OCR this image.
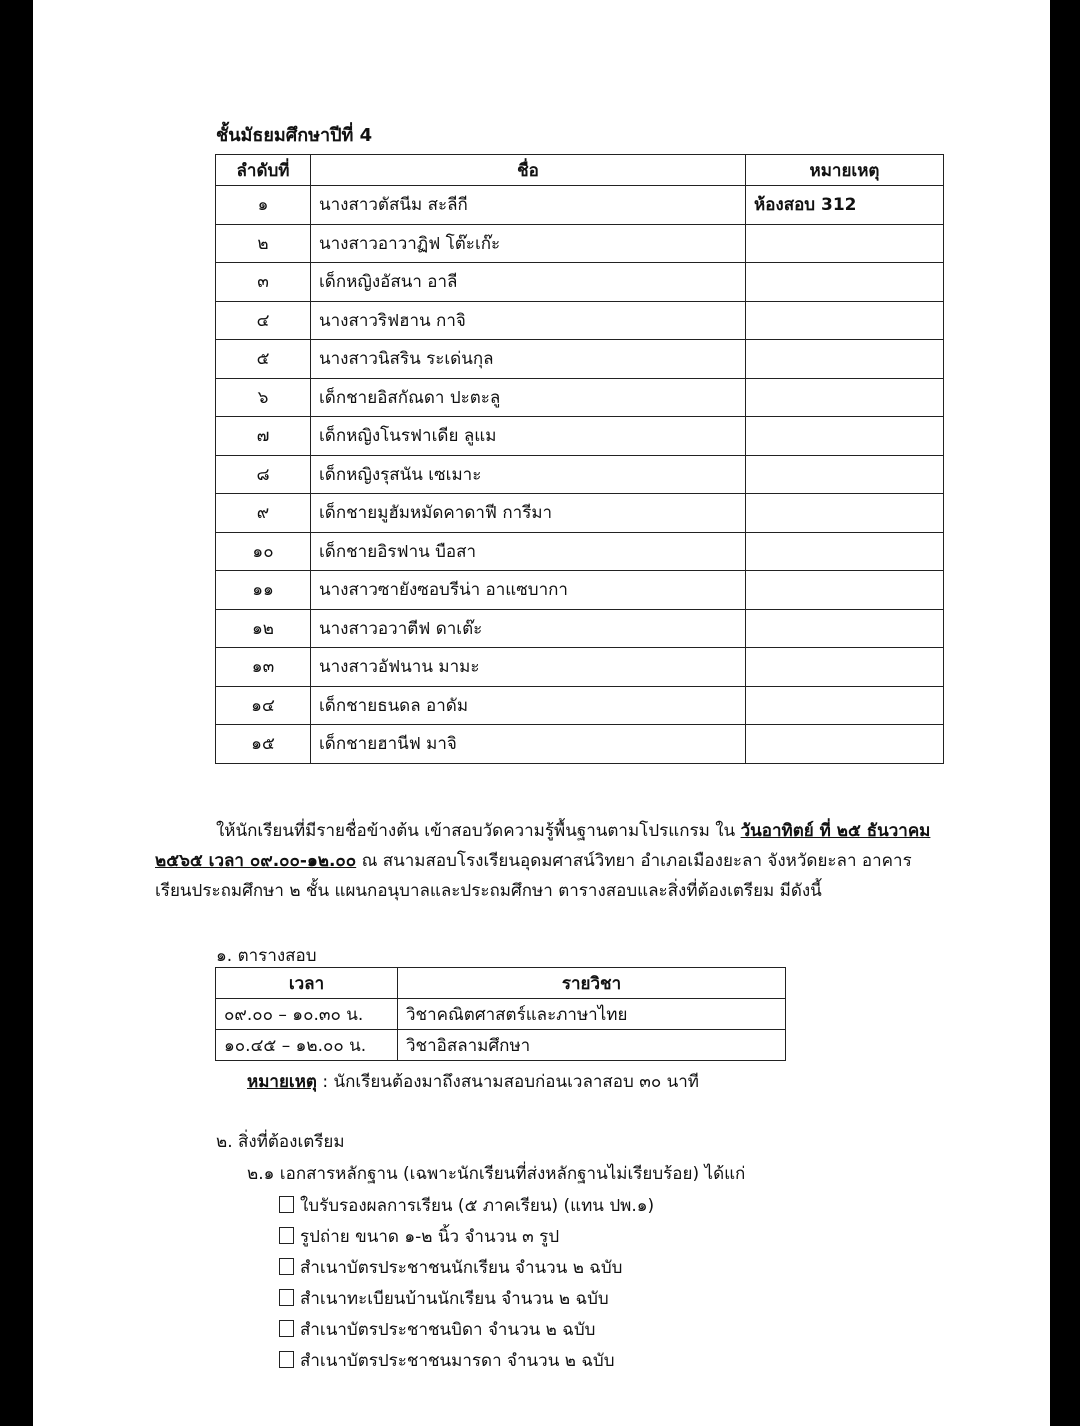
ชั้นมัธยมศึกษาปีที่ 4
ลำดับที่	ชื่อ	หมายเหตุ
๑	นางสาวตัสนีม สะลีกี	ห้องสอบ 312
๒	นางสาวอาวาฏิฟ โต๊ะเก๊ะ	
๓	เด็กหญิงอัสนา อาลี	
๔	นางสาวริฟฮาน กาจิ	
๕	นางสาวนิสริน ระเด่นกุล	
๖	เด็กชายอิสกัณดา ปะตะลู	
๗	เด็กหญิงโนรฟาเดีย ลูแม	
๘	เด็กหญิงรุสนัน เซเมาะ	
๙	เด็กชายมูฮัมหมัดคาดาฟี การีมา	
๑๐	เด็กชายอิรฟาน บือสา	
๑๑	นางสาวซายังซอบรีน่า อาแซบากา	
๑๒	นางสาวอวาตีฟ ดาเต๊ะ	
๑๓	นางสาวอัฟนาน มามะ	
๑๔	เด็กชายธนดล อาดัม	
๑๕	เด็กชายฮานีฟ มาจิ	
ให้นักเรียนที่มีรายชื่อข้างต้น เข้าสอบวัดความรู้พื้นฐานตามโปรแกรม ใน วันอาทิตย์ ที่ ๒๕ ธันวาคม
๒๕๖๕ เวลา ๐๙.๐๐-๑๒.๐๐ ณ สนามสอบโรงเรียนอุดมศาสน์วิทยา อำเภอเมืองยะลา จังหวัดยะลา อาคาร
เรียนประถมศึกษา ๒ ชั้น แผนกอนุบาลและประถมศึกษา ตารางสอบและสิ่งที่ต้องเตรียม มีดังนี้
๑. ตารางสอบ
เวลา	รายวิชา
๐๙.๐๐ – ๑๐.๓๐ น.	วิชาคณิตศาสตร์และภาษาไทย
๑๐.๔๕ – ๑๒.๐๐ น.	วิชาอิสลามศึกษา
หมายเหตุ : นักเรียนต้องมาถึงสนามสอบก่อนเวลาสอบ ๓๐ นาที
๒. สิ่งที่ต้องเตรียม
๒.๑ เอกสารหลักฐาน (เฉพาะนักเรียนที่ส่งหลักฐานไม่เรียบร้อย) ได้แก่
ใบรับรองผลการเรียน (๕ ภาคเรียน) (แทน ปพ.๑)
รูปถ่าย ขนาด ๑-๒ นิ้ว จำนวน ๓ รูป
สำเนาบัตรประชาชนนักเรียน จำนวน ๒ ฉบับ
สำเนาทะเบียนบ้านนักเรียน จำนวน ๒ ฉบับ
สำเนาบัตรประชาชนบิดา จำนวน ๒ ฉบับ
สำเนาบัตรประชาชนมารดา จำนวน ๒ ฉบับ
